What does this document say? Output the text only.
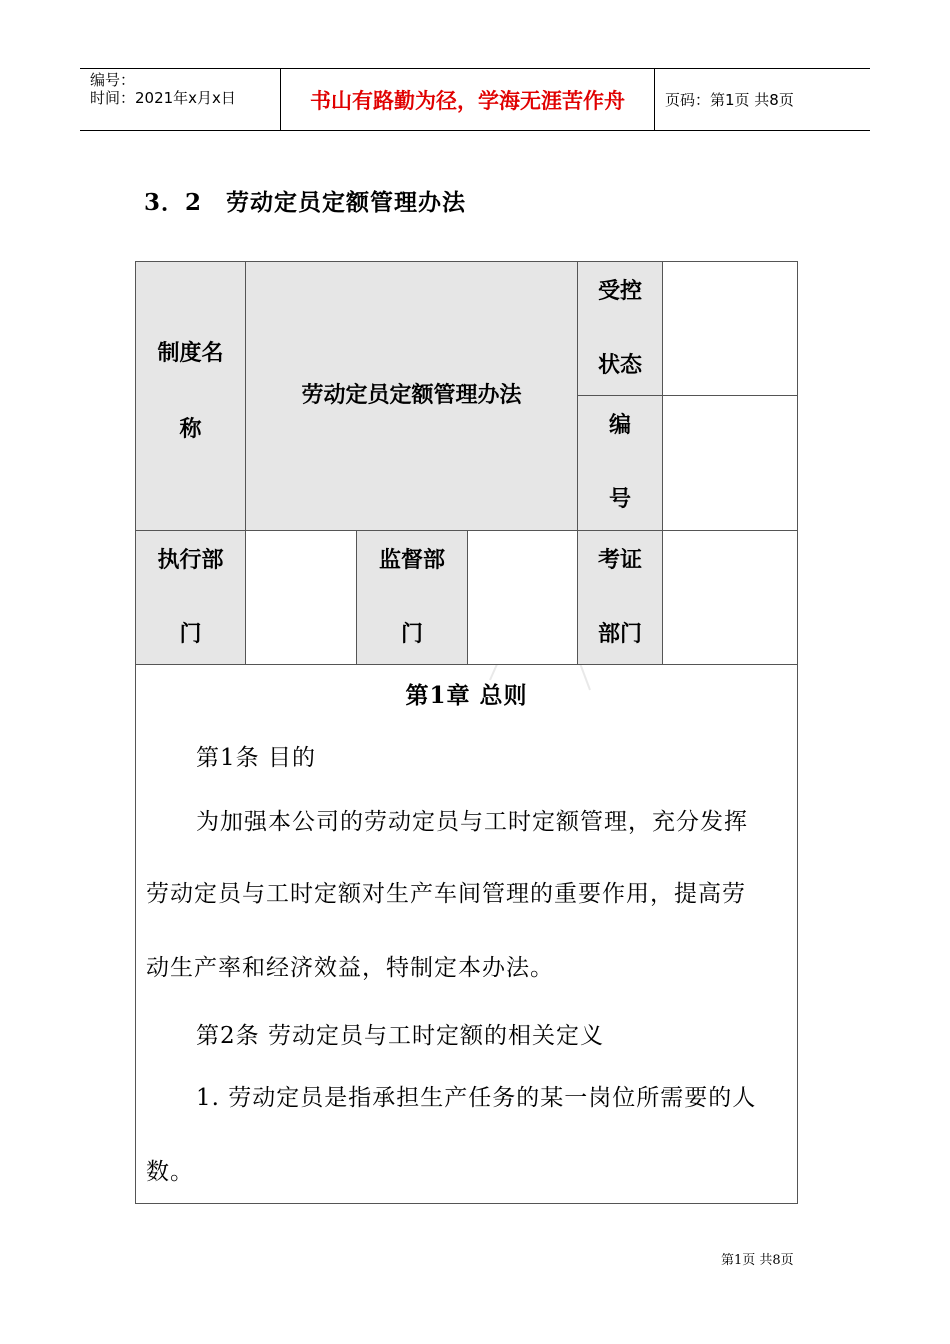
编号：
时间：2021年x月x日	书山有路勤为径，学海无涯苦作舟	页码：第1页 共8页
3．2　劳动定员定额管理办法
制度名
称
劳动定员定额管理办法
受控
状态
编
号
执行部
门
监督部
门
考证
部门

第1章 总则

第1条 目的

为加强本公司的劳动定员与工时定额管理，充分发挥

劳动定员与工时定额对生产车间管理的重要作用，提高劳

动生产率和经济效益，特制定本办法。

第2条 劳动定员与工时定额的相关定义

1. 劳动定员是指承担生产任务的某一岗位所需要的人

数。

第1页 共8页
